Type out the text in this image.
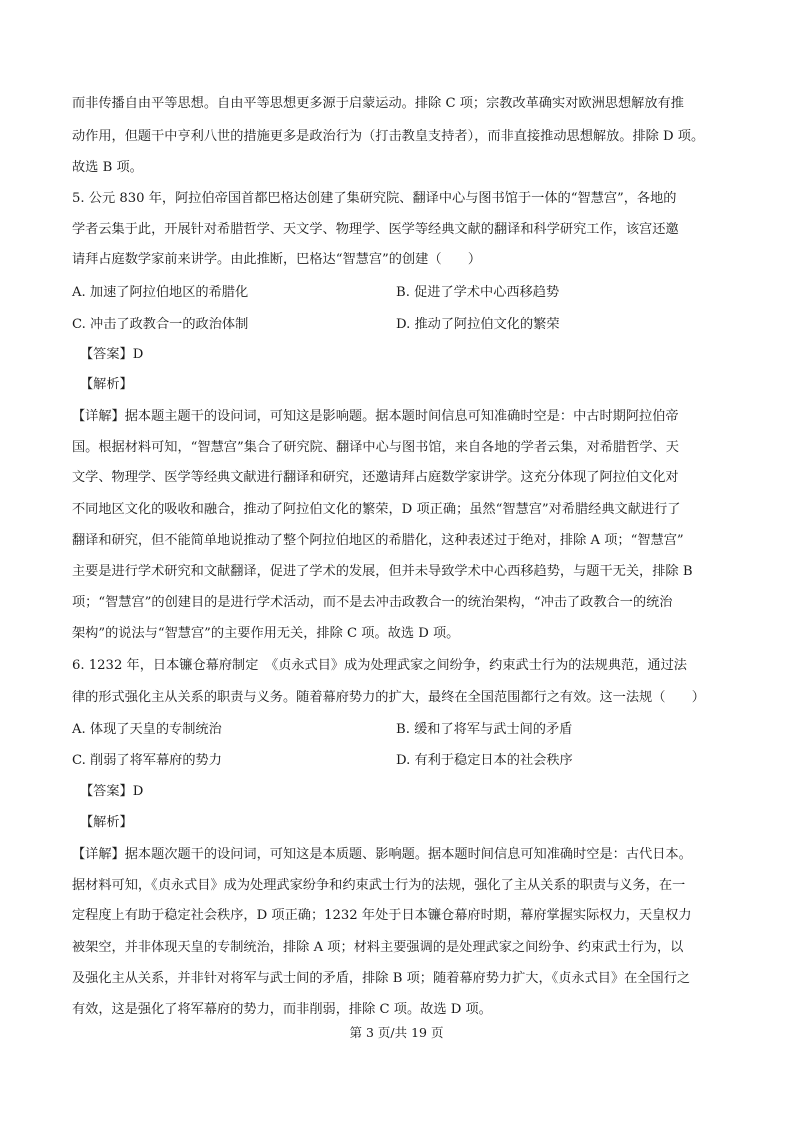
而非传播自由平等思想。自由平等思想更多源于启蒙运动。排除 C 项；宗教改革确实对欧洲思想解放有推
动作用，但题干中亨利八世的措施更多是政治行为（打击教皇支持者），而非直接推动思想解放。排除 D 项。
故选 B 项。
5. 公元 830 年，阿拉伯帝国首都巴格达创建了集研究院、翻译中心与图书馆于一体的“智慧宫”，各地的
学者云集于此，开展针对希腊哲学、天文学、物理学、医学等经典文献的翻译和科学研究工作，该宫还邀
请拜占庭数学家前来讲学。由此推断，巴格达“智慧宫”的创建（　　）
A. 加速了阿拉伯地区的希腊化	B. 促进了学术中心西移趋势
C. 冲击了政教合一的政治体制	D. 推动了阿拉伯文化的繁荣
【答案】D
【解析】
【详解】据本题主题干的设问词，可知这是影响题。据本题时间信息可知准确时空是：中古时期阿拉伯帝
国。根据材料可知，“智慧宫”集合了研究院、翻译中心与图书馆，来自各地的学者云集，对希腊哲学、天
文学、物理学、医学等经典文献进行翻译和研究，还邀请拜占庭数学家讲学。这充分体现了阿拉伯文化对
不同地区文化的吸收和融合，推动了阿拉伯文化的繁荣，D 项正确；虽然“智慧宫”对希腊经典文献进行了
翻译和研究，但不能简单地说推动了整个阿拉伯地区的希腊化，这种表述过于绝对，排除 A 项；“智慧宫”
主要是进行学术研究和文献翻译，促进了学术的发展，但并未导致学术中心西移趋势，与题干无关，排除 B
项；“智慧宫”的创建目的是进行学术活动，而不是去冲击政教合一的统治架构，“冲击了政教合一的统治
架构”的说法与“智慧宫”的主要作用无关，排除 C 项。故选 D 项。
6. 1232 年，日本镰仓幕府制定　《贞永式目》成为处理武家之间纷争，约束武士行为的法规典范，通过法
律的形式强化主从关系的职责与义务。随着幕府势力的扩大，最终在全国范围都行之有效。这一法规（　　）
A. 体现了天皇的专制统治	B. 缓和了将军与武士间的矛盾
C. 削弱了将军幕府的势力	D. 有利于稳定日本的社会秩序
【答案】D
【解析】
【详解】据本题次题干的设问词，可知这是本质题、影响题。据本题时间信息可知准确时空是：古代日本。
据材料可知，《贞永式目》成为处理武家纷争和约束武士行为的法规，强化了主从关系的职责与义务，在一
定程度上有助于稳定社会秩序，D 项正确；1232 年处于日本镰仓幕府时期，幕府掌握实际权力，天皇权力
被架空，并非体现天皇的专制统治，排除 A 项；材料主要强调的是处理武家之间纷争、约束武士行为，以
及强化主从关系，并非针对将军与武士间的矛盾，排除 B 项；随着幕府势力扩大，《贞永式目》在全国行之
有效，这是强化了将军幕府的势力，而非削弱，排除 C 项。故选 D 项。
第 3 页/共 19 页
